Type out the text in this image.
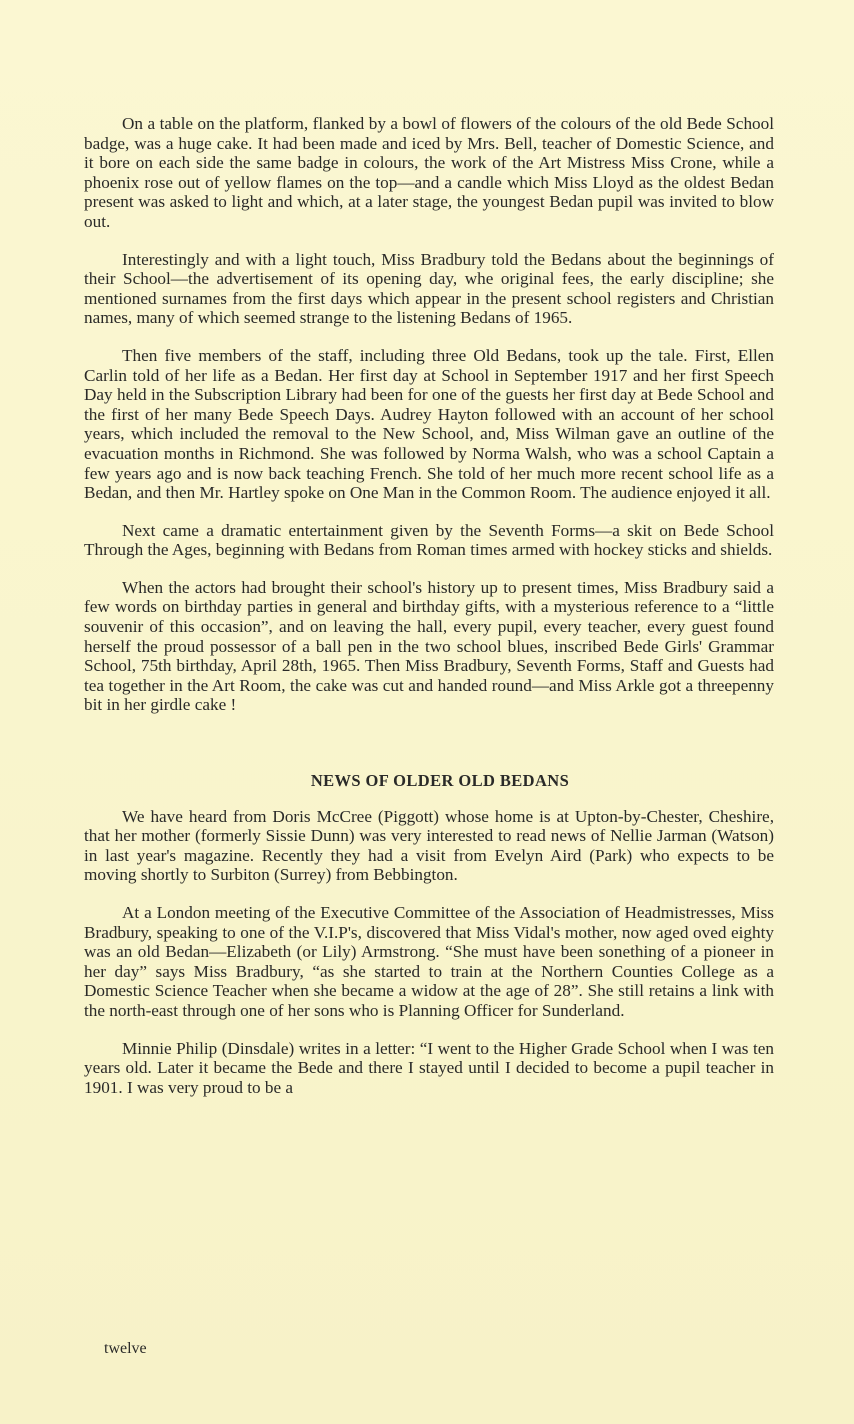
On a table on the platform, flanked by a bowl of flowers of the colours of the old Bede School badge, was a huge cake. It had been made and iced by Mrs. Bell, teacher of Domestic Science, and it bore on each side the same badge in colours, the work of the Art Mistress Miss Crone, while a phoenix rose out of yellow flames on the top—and a candle which Miss Lloyd as the oldest Bedan present was asked to light and which, at a later stage, the youngest Bedan pupil was invited to blow out.

Interestingly and with a light touch, Miss Bradbury told the Bedans about the beginnings of their School—the advertisement of its opening day, whe original fees, the early discipline; she mentioned surnames from the first days which appear in the present school registers and Christian names, many of which seemed strange to the listening Bedans of 1965.

Then five members of the staff, including three Old Bedans, took up the tale. First, Ellen Carlin told of her life as a Bedan. Her first day at School in September 1917 and her first Speech Day held in the Subscription Library had been for one of the guests her first day at Bede School and the first of her many Bede Speech Days. Audrey Hayton followed with an account of her school years, which included the removal to the New School, and, Miss Wilman gave an outline of the evacuation months in Richmond. She was followed by Norma Walsh, who was a school Captain a few years ago and is now back teaching French. She told of her much more recent school life as a Bedan, and then Mr. Hartley spoke on One Man in the Common Room. The audience enjoyed it all.

Next came a dramatic entertainment given by the Seventh Forms—a skit on Bede School Through the Ages, beginning with Bedans from Roman times armed with hockey sticks and shields.

When the actors had brought their school's history up to present times, Miss Bradbury said a few words on birthday parties in general and birthday gifts, with a mysterious reference to a “little souvenir of this occasion”, and on leaving the hall, every pupil, every teacher, every guest found herself the proud possessor of a ball pen in the two school blues, inscribed Bede Girls' Grammar School, 75th birthday, April 28th, 1965. Then Miss Bradbury, Seventh Forms, Staff and Guests had tea together in the Art Room, the cake was cut and handed round—and Miss Arkle got a threepenny bit in her girdle cake !

NEWS OF OLDER OLD BEDANS

We have heard from Doris McCree (Piggott) whose home is at Upton-by-Chester, Cheshire, that her mother (formerly Sissie Dunn) was very interested to read news of Nellie Jarman (Watson) in last year's magazine. Recently they had a visit from Evelyn Aird (Park) who expects to be moving shortly to Surbiton (Surrey) from Bebbington.

At a London meeting of the Executive Committee of the Association of Headmistresses, Miss Bradbury, speaking to one of the V.I.P's, discovered that Miss Vidal's mother, now aged oved eighty was an old Bedan—Elizabeth (or Lily) Armstrong. “She must have been sonething of a pioneer in her day” says Miss Bradbury, “as she started to train at the Northern Counties College as a Domestic Science Teacher when she became a widow at the age of 28”. She still retains a link with the north-east through one of her sons who is Planning Officer for Sunderland.

Minnie Philip (Dinsdale) writes in a letter: “I went to the Higher Grade School when I was ten years old. Later it became the Bede and there I stayed until I decided to become a pupil teacher in 1901. I was very proud to be a

twelve
